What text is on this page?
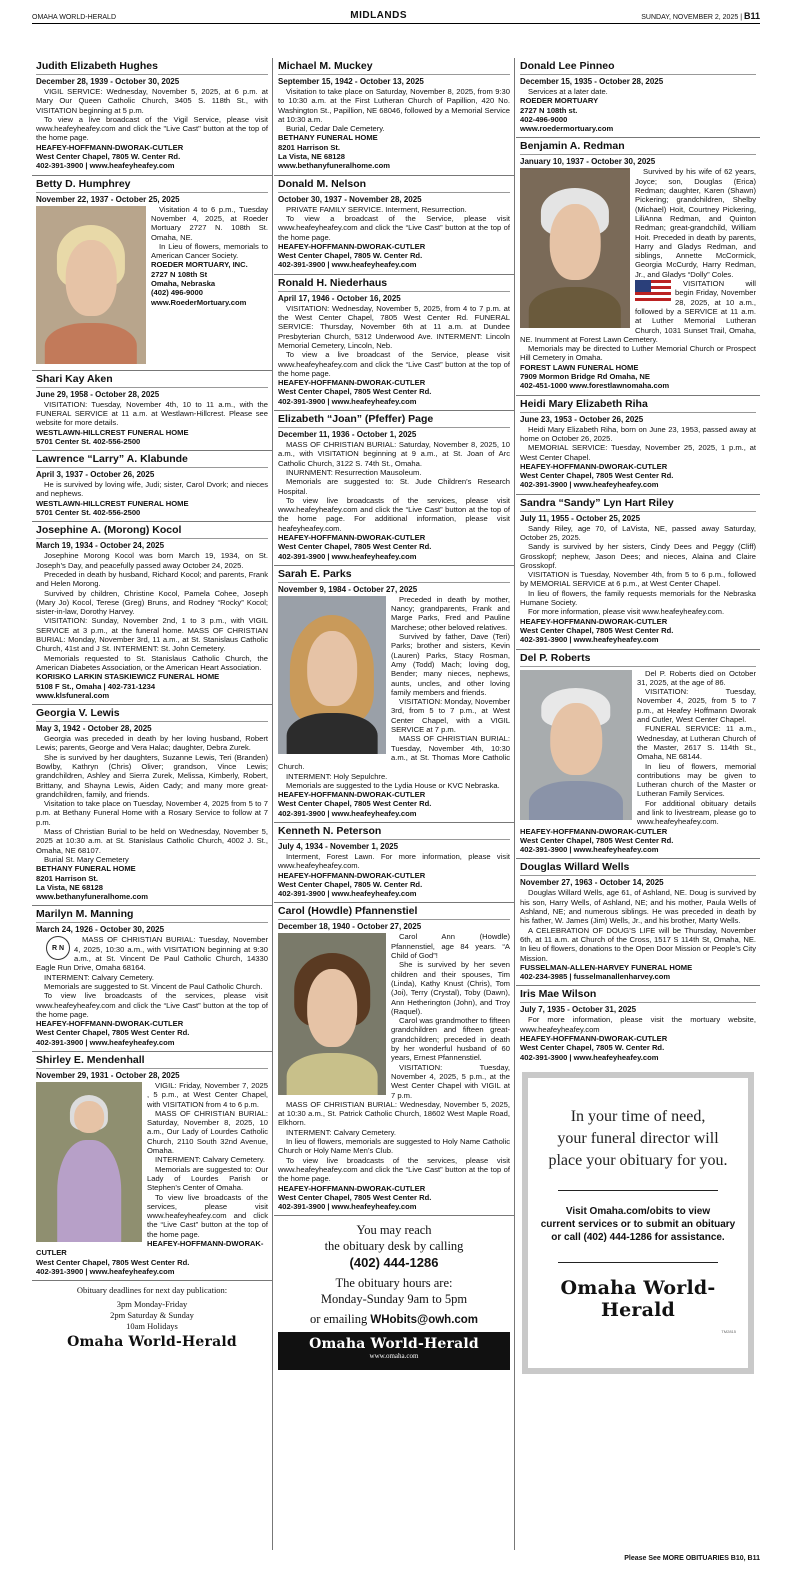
OMAHA WORLD-HERALD	MIDLANDS	SUNDAY, NOVEMBER 2, 2025 | B11
Judith Elizabeth Hughes
December 28, 1939 - October 30, 2025

VIGIL SERVICE: Wednesday, November 5, 2025, at 6 p.m. at Mary Our Queen Catholic Church, 3405 S. 118th St., with VISITATION beginning at 5 p.m.

To view a live broadcast of the Vigil Service, please visit www.heafeyheafey.com and click the "Live Cast" button at the top of the home page.

HEAFEY-HOFFMANN-DWORAK-CUTLER

West Center Chapel, 7805 W. Center Rd.

402-391-3900 | www.heafeyheafey.com

Betty D. Humphrey
November 22, 1937 - October 25, 2025

Visitation 4 to 6 p.m., Tuesday November 4, 2025, at Roeder Mortuary 2727 N. 108th St. Omaha, NE.

In Lieu of flowers, memorials to American Cancer Society.

ROEDER MORTUARY, INC.

2727 N 108th St

Omaha, Nebraska

(402) 496-9000

www.RoederMortuary.com

Shari Kay Aken
June 29, 1958 - October 28, 2025

VISITATION: Tuesday, November 4th, 10 to 11 a.m., with the FUNERAL SERVICE at 11 a.m. at Westlawn-Hillcrest. Please see website for more details.

WESTLAWN-HILLCREST FUNERAL HOME

5701 Center St. 402-556-2500

Lawrence “Larry” A. Klabunde
April 3, 1937 - October 26, 2025

He is survived by loving wife, Judi; sister, Carol Dvork; and nieces and nephews.

WESTLAWN-HILLCREST FUNERAL HOME

5701 Center St. 402-556-2500

Josephine A. (Morong) Kocol
March 19, 1934 - October 24, 2025

Josephine Morong Kocol was born March 19, 1934, on St. Joseph’s Day, and peacefully passed away October 24, 2025.

Preceded in death by husband, Richard Kocol; and parents, Frank and Helen Morong.

Survived by children, Christine Kocol, Pamela Cohee, Joseph (Mary Jo) Kocol, Terese (Greg) Bruns, and Rodney “Rocky” Kocol; sister-in-law, Dorothy Harvey.

VISITATION: Sunday, November 2nd, 1 to 3 p.m., with VIGIL SERVICE at 3 p.m., at the funeral home. MASS OF CHRISTIAN BURIAL: Monday, November 3rd, 11 a.m., at St. Stanislaus Catholic Church, 41st and J St. INTERMENT: St. John Cemetery.

Memorials requested to St. Stanislaus Catholic Church, the American Diabetes Association, or the American Heart Association.

KORISKO LARKIN STASKIEWICZ FUNERAL HOME

5108 F St., Omaha | 402-731-1234

www.klsfuneral.com

Georgia V. Lewis
May 3, 1942 - October 28, 2025

Georgia was preceded in death by her loving husband, Robert Lewis; parents, George and Vera Halac; daughter, Debra Zurek.

She is survived by her daughters, Suzanne Lewis, Teri (Branden) Bowlby, Kathryn (Chris) Oliver; grandson, Vince Lewis; grandchildren, Ashley and Sierra Zurek, Melissa, Kimberly, Robert, Brittany, and Shayna Lewis, Aiden Cady; and many more great-grandchildren, family, and friends.

Visitation to take place on Tuesday, November 4, 2025 from 5 to 7 p.m. at Bethany Funeral Home with a Rosary Service to follow at 7 p.m.

Mass of Christian Burial to be held on Wednesday, November 5, 2025 at 10:30 a.m. at St. Stanislaus Catholic Church, 4002 J. St., Omaha, NE 68107.

Burial St. Mary Cemetery

BETHANY FUNERAL HOME

8201 Harrison St.

La Vista, NE 68128

www.bethanyfuneralhome.com

Marilyn M. Manning
March 24, 1926 - October 30, 2025
R N

MASS OF CHRISTIAN BURIAL: Tuesday, November 4, 2025, 10:30 a.m., with VISITATION beginning at 9:30 a.m., at St. Vincent De Paul Catholic Church, 14330 Eagle Run Drive, Omaha 68164.

INTERMENT: Calvary Cemetery.

Memorials are suggested to St. Vincent de Paul Catholic Church.

To view live broadcasts of the services, please visit www.heafeyheafey.com and click the “Live Cast” button at the top of the home page.

HEAFEY-HOFFMANN-DWORAK-CUTLER

West Center Chapel, 7805 West Center Rd.

402-391-3900 | www.heafeyheafey.com

Shirley E. Mendenhall
November 29, 1931 - October 28, 2025

VIGIL: Friday, November 7, 2025 , 5 p.m., at West Center Chapel, with VISITATION from 4 to 6 p.m.

MASS OF CHRISTIAN BURIAL: Saturday, November 8, 2025, 10 a.m., Our Lady of Lourdes Catholic Church, 2110 South 32nd Avenue, Omaha.

INTERMENT: Calvary Cemetery.

Memorials are suggested to: Our Lady of Lourdes Parish or Stephen’s Center of Omaha.

To view live broadcasts of the services, please visit www.heafeyheafey.com and click the “Live Cast” button at the top of the home page.

HEAFEY-HOFFMANN-DWORAK-CUTLER

West Center Chapel, 7805 West Center Rd.

402-391-3900 | www.heafeyheafey.com

Obituary deadlines for next day publication:
3pm Monday-Friday
2pm Saturday & Sunday
10am Holidays
Omaha World-Herald
Michael M. Muckey
September 15, 1942 - October 13, 2025

Visitation to take place on Saturday, November 8, 2025, from 9:30 to 10:30 a.m. at the First Lutheran Church of Papillion, 420 No. Washington St., Papillion, NE 68046, followed by a Memorial Service at 10:30 a.m.

Burial, Cedar Dale Cemetery.

BETHANY FUNERAL HOME

8201 Harrison St.

La Vista, NE 68128

www.bethanyfuneralhome.com

Donald M. Nelson
October 30, 1937 - November 28, 2025

PRIVATE FAMILY SERVICE. Interment, Resurrection.

To view a broadcast of the Service, please visit www.heafeyheafey.com and click the “Live Cast” button at the top of the home page.

HEAFEY-HOFFMANN-DWORAK-CUTLER

West Center Chapel, 7805 W. Center Rd.

402-391-3900 | www.heafeyheafey.com

Ronald H. Niederhaus
April 17, 1946 - October 16, 2025

VISITATION: Wednesday, November 5, 2025, from 4 to 7 p.m. at the West Center Chapel, 7805 West Center Rd. FUNERAL SERVICE: Thursday, November 6th at 11 a.m. at Dundee Presbyterian Church, 5312 Underwood Ave. INTERMENT: Lincoln Memorial Cemetery, Lincoln, Neb.

To view a live broadcast of the Service, please visit www.heafeyheafey.com and click the “Live Cast” button at the top of the home page.

HEAFEY-HOFFMANN-DWORAK-CUTLER

West Center Chapel, 7805 West Center Rd.

402-391-3900 | www.heafeyheafey.com

Elizabeth “Joan” (Pfeffer) Page
December 11, 1936 - October 1, 2025

MASS OF CHRISTIAN BURIAL: Saturday, November 8, 2025, 10 a.m., with VISITATION beginning at 9 a.m., at St. Joan of Arc Catholic Church, 3122 S. 74th St., Omaha.

INURNMENT: Resurrection Mausoleum.

Memorials are suggested to: St. Jude Children’s Research Hospital.

To view live broadcasts of the services, please visit www.heafeyheafey.com and click the “Live Cast” button at the top of the home page. For additional information, please visit heafeyheafey.com.

HEAFEY-HOFFMANN-DWORAK-CUTLER

West Center Chapel, 7805 West Center Rd.

402-391-3900 | www.heafeyheafey.com

Sarah E. Parks
November 9, 1984 - October 27, 2025

Preceded in death by mother, Nancy; grandparents, Frank and Marge Parks, Fred and Pauline Marchese; other beloved relatives.

Survived by father, Dave (Teri) Parks; brother and sisters, Kevin (Lauren) Parks, Stacy Rosman, Amy (Todd) Mach; loving dog, Bender; many nieces, nephews, aunts, uncles, and other loving family members and friends.

VISITATION: Monday, November 3rd, from 5 to 7 p.m., at West Center Chapel, with a VIGIL SERVICE at 7 p.m.

MASS OF CHRISTIAN BURIAL: Tuesday, November 4th, 10:30 a.m., at St. Thomas More Catholic Church.

INTERMENT: Holy Sepulchre.

Memorials are suggested to the Lydia House or KVC Nebraska.

HEAFEY-HOFFMANN-DWORAK-CUTLER

West Center Chapel, 7805 West Center Rd.

402-391-3900 | www.heafeyheafey.com

Kenneth N. Peterson
July 4, 1934 - November 1, 2025

Interment, Forest Lawn. For more information, please visit www.heafeyheafey.com.

HEAFEY-HOFFMANN-DWORAK-CUTLER

West Center Chapel, 7805 W. Center Rd.

402-391-3900 | www.heafeyheafey.com

Carol (Howdle) Pfannenstiel
December 18, 1940 - October 27, 2025

Carol Ann (Howdle) Pfannenstiel, age 84 years. “A Child of God”!

She is survived by her seven children and their spouses, Tim (Linda), Kathy Knust (Chris), Tom (Joi), Terry (Crystal), Toby (Dawn), Ann Hetherington (John), and Troy (Raquel).

Carol was grandmother to fifteen grandchildren and fifteen great-grandchildren; preceded in death by her wonderful husband of 60 years, Ernest Pfannenstiel.

VISITATION: Tuesday, November 4, 2025, 5 p.m., at the West Center Chapel with VIGIL at 7 p.m.

MASS OF CHRISTIAN BURIAL: Wednesday, November 5, 2025, at 10:30 a.m., St. Patrick Catholic Church, 18602 West Maple Road, Elkhorn.

INTERMENT: Calvary Cemetery.

In lieu of flowers, memorials are suggested to Holy Name Catholic Church or Holy Name Men’s Club.

To view live broadcasts of the services, please visit www.heafeyheafey.com and click the “Live Cast” button at the top of the home page.

HEAFEY-HOFFMANN-DWORAK-CUTLER

West Center Chapel, 7805 West Center Rd.

402-391-3900 | www.heafeyheafey.com

You may reach
the obituary desk by calling
(402) 444-1286
The obituary hours are:
Monday-Sunday 9am to 5pm
or emailing WHobits@owh.com
Omaha World-Herald
www.omaha.com
Donald Lee Pinneo
December 15, 1935 - October 28, 2025

Services at a later date.

ROEDER MORTUARY

2727 N 108th st.

402-496-9000

www.roedermortuary.com

Benjamin A. Redman
January 10, 1937 - October 30, 2025

Survived by his wife of 62 years, Joyce; son, Douglas (Erica) Redman; daughter, Karen (Shawn) Pickering; grandchildren, Shelby (Michael) Hoit, Courtney Pickering, LiliAnna Redman, and Quinton Redman; great-grandchild, William Hoit. Preceded in death by parents, Harry and Gladys Redman, and siblings, Annette McCormick, Georgia McCurdy, Harry Redman, Jr., and Gladys “Dolly” Coles.

VISITATION will begin Friday, November 28, 2025, at 10 a.m., followed by a SERVICE at 11 a.m. at Luther Memorial Lutheran Church, 1031 Sunset Trail, Omaha, NE. Inurnment at Forest Lawn Cemetery.

Memorials may be directed to Luther Memorial Church or Prospect Hill Cemetery in Omaha.

FOREST LAWN FUNERAL HOME

7909 Mormon Bridge Rd Omaha, NE

402-451-1000 www.forestlawnomaha.com

Heidi Mary Elizabeth Riha
June 23, 1953 - October 26, 2025

Heidi Mary Elizabeth Riha, born on June 23, 1953, passed away at home on October 26, 2025.

MEMORIAL SERVICE: Tuesday, November 25, 2025, 1 p.m., at West Center Chapel.

HEAFEY-HOFFMANN-DWORAK-CUTLER

West Center Chapel, 7805 West Center Rd.

402-391-3900 | www.heafeyheafey.com

Sandra “Sandy” Lyn Hart Riley
July 11, 1955 - October 25, 2025

Sandy Riley, age 70, of LaVista, NE, passed away Saturday, October 25, 2025.

Sandy is survived by her sisters, Cindy Dees and Peggy (Cliff) Grosskopf; nephew, Jason Dees; and nieces, Alaina and Claire Grosskopf.

VISITATION is Tuesday, November 4th, from 5 to 6 p.m., followed by MEMORIAL SERVICE at 6 p.m., at West Center Chapel.

In lieu of flowers, the family requests memorials for the Nebraska Humane Society.

For more information, please visit www.heafeyheafey.com.

HEAFEY-HOFFMANN-DWORAK-CUTLER

West Center Chapel, 7805 West Center Rd.

402-391-3900 | www.heafeyheafey.com

Del P. Roberts

Del P. Roberts died on October 31, 2025, at the age of 86.

VISITATION: Tuesday, November 4, 2025, from 5 to 7 p.m., at Heafey Hoffmann Dworak and Cutler, West Center Chapel.

FUNERAL SERVICE: 11 a.m., Wednesday, at Lutheran Church of the Master, 2617 S. 114th St., Omaha, NE 68144.

In lieu of flowers, memorial contributions may be given to Lutheran church of the Master or Lutheran Family Services.

For additional obituary details and link to livestream, please go to www.heafeyheafey.com.

HEAFEY-HOFFMANN-DWORAK-CUTLER

West Center Chapel, 7805 West Center Rd.

402-391-3900 | www.heafeyheafey.com

Douglas Willard Wells
November 27, 1963 - October 14, 2025

Douglas Willard Wells, age 61, of Ashland, NE. Doug is survived by his son, Harry Wells, of Ashland, NE; and his mother, Paula Wells of Ashland, NE; and numerous siblings. He was preceded in death by his father, W. James (Jim) Wells, Jr., and his brother, Marty Wells.

A CELEBRATION OF DOUG’S LIFE will be Thursday, November 6th, at 11 a.m. at Church of the Cross, 1517 S 114th St, Omaha, NE. In lieu of flowers, donations to the Open Door Mission or People’s City Mission.

FUSSELMAN-ALLEN-HARVEY FUNERAL HOME

402-234-3985 | fusselmanallenharvey.com

Iris Mae Wilson
July 7, 1935 - October 31, 2025

For more information, please visit the mortuary website, www.heafeyheafey.com

HEAFEY-HOFFMANN-DWORAK-CUTLER

West Center Chapel, 7805 W. Center Rd.

402-391-3900 | www.heafeyheafey.com

In your time of need,
your funeral director will
place your obituary for you.
Visit Omaha.com/obits to view
current services or to submit an obituary
or call (402) 444-1286 for assistance.
Omaha World-Herald
TM2815
Please See MORE OBITUARIES B10, B11
